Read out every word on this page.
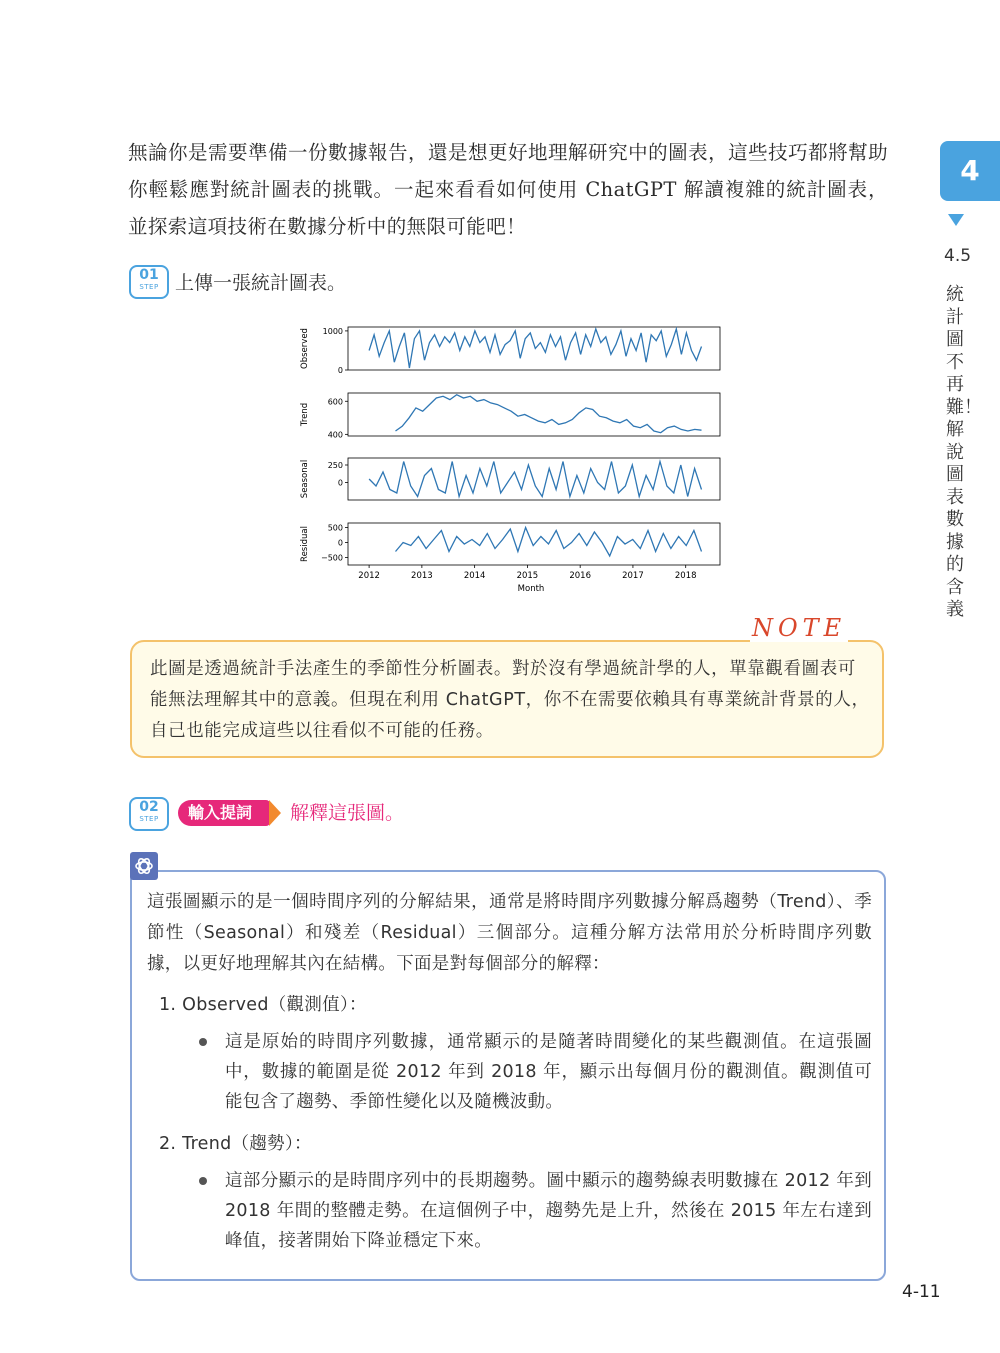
無論你是需要準備一份數據報告，還是想更好地理解研究中的圖表，這些技巧都將幫助你輕鬆應對統計圖表的挑戰。一起來看看如何使用 ChatGPT 解讀複雜的統計圖表，並探索這項技術在數據分析中的無限可能吧！
01
STEP 上傳一張統計圖表。
1000
0
Observed
600
400
Trend
250
0
Seasonal
500
0
−500
Residual
2012	2013	2014	2015	2016	2017	2018
Month
NOTE
此圖是透過統計手法產生的季節性分析圖表。對於沒有學過統計學的人，單靠觀看圖表可能無法理解其中的意義。但現在利用 ChatGPT，你不在需要依賴具有專業統計背景的人，自己也能完成這些以往看似不可能的任務。
02
STEP	輸入提詞	解釋這張圖。

這張圖顯示的是一個時間序列的分解結果，通常是將時間序列數據分解爲趨勢（Trend）、季節性（Seasonal）和殘差（Residual）三個部分。這種分解方法常用於分析時間序列數據，以更好地理解其內在結構。下面是對每個部分的解釋：

1. Observed（觀測值）：
這是原始的時間序列數據，通常顯示的是隨著時間變化的某些觀測值。在這張圖中，數據的範圍是從 2012 年到 2018 年，顯示出每個月份的觀測值。觀測值可能包含了趨勢、季節性變化以及隨機波動。
2. Trend（趨勢）：
這部分顯示的是時間序列中的長期趨勢。圖中顯示的趨勢線表明數據在 2012 年到 2018 年間的整體走勢。在這個例子中，趨勢先是上升，然後在 2015 年左右達到峰值，接著開始下降並穩定下來。
4
4.5
統計圖不再難！解說圖表數據的含義
4-11
